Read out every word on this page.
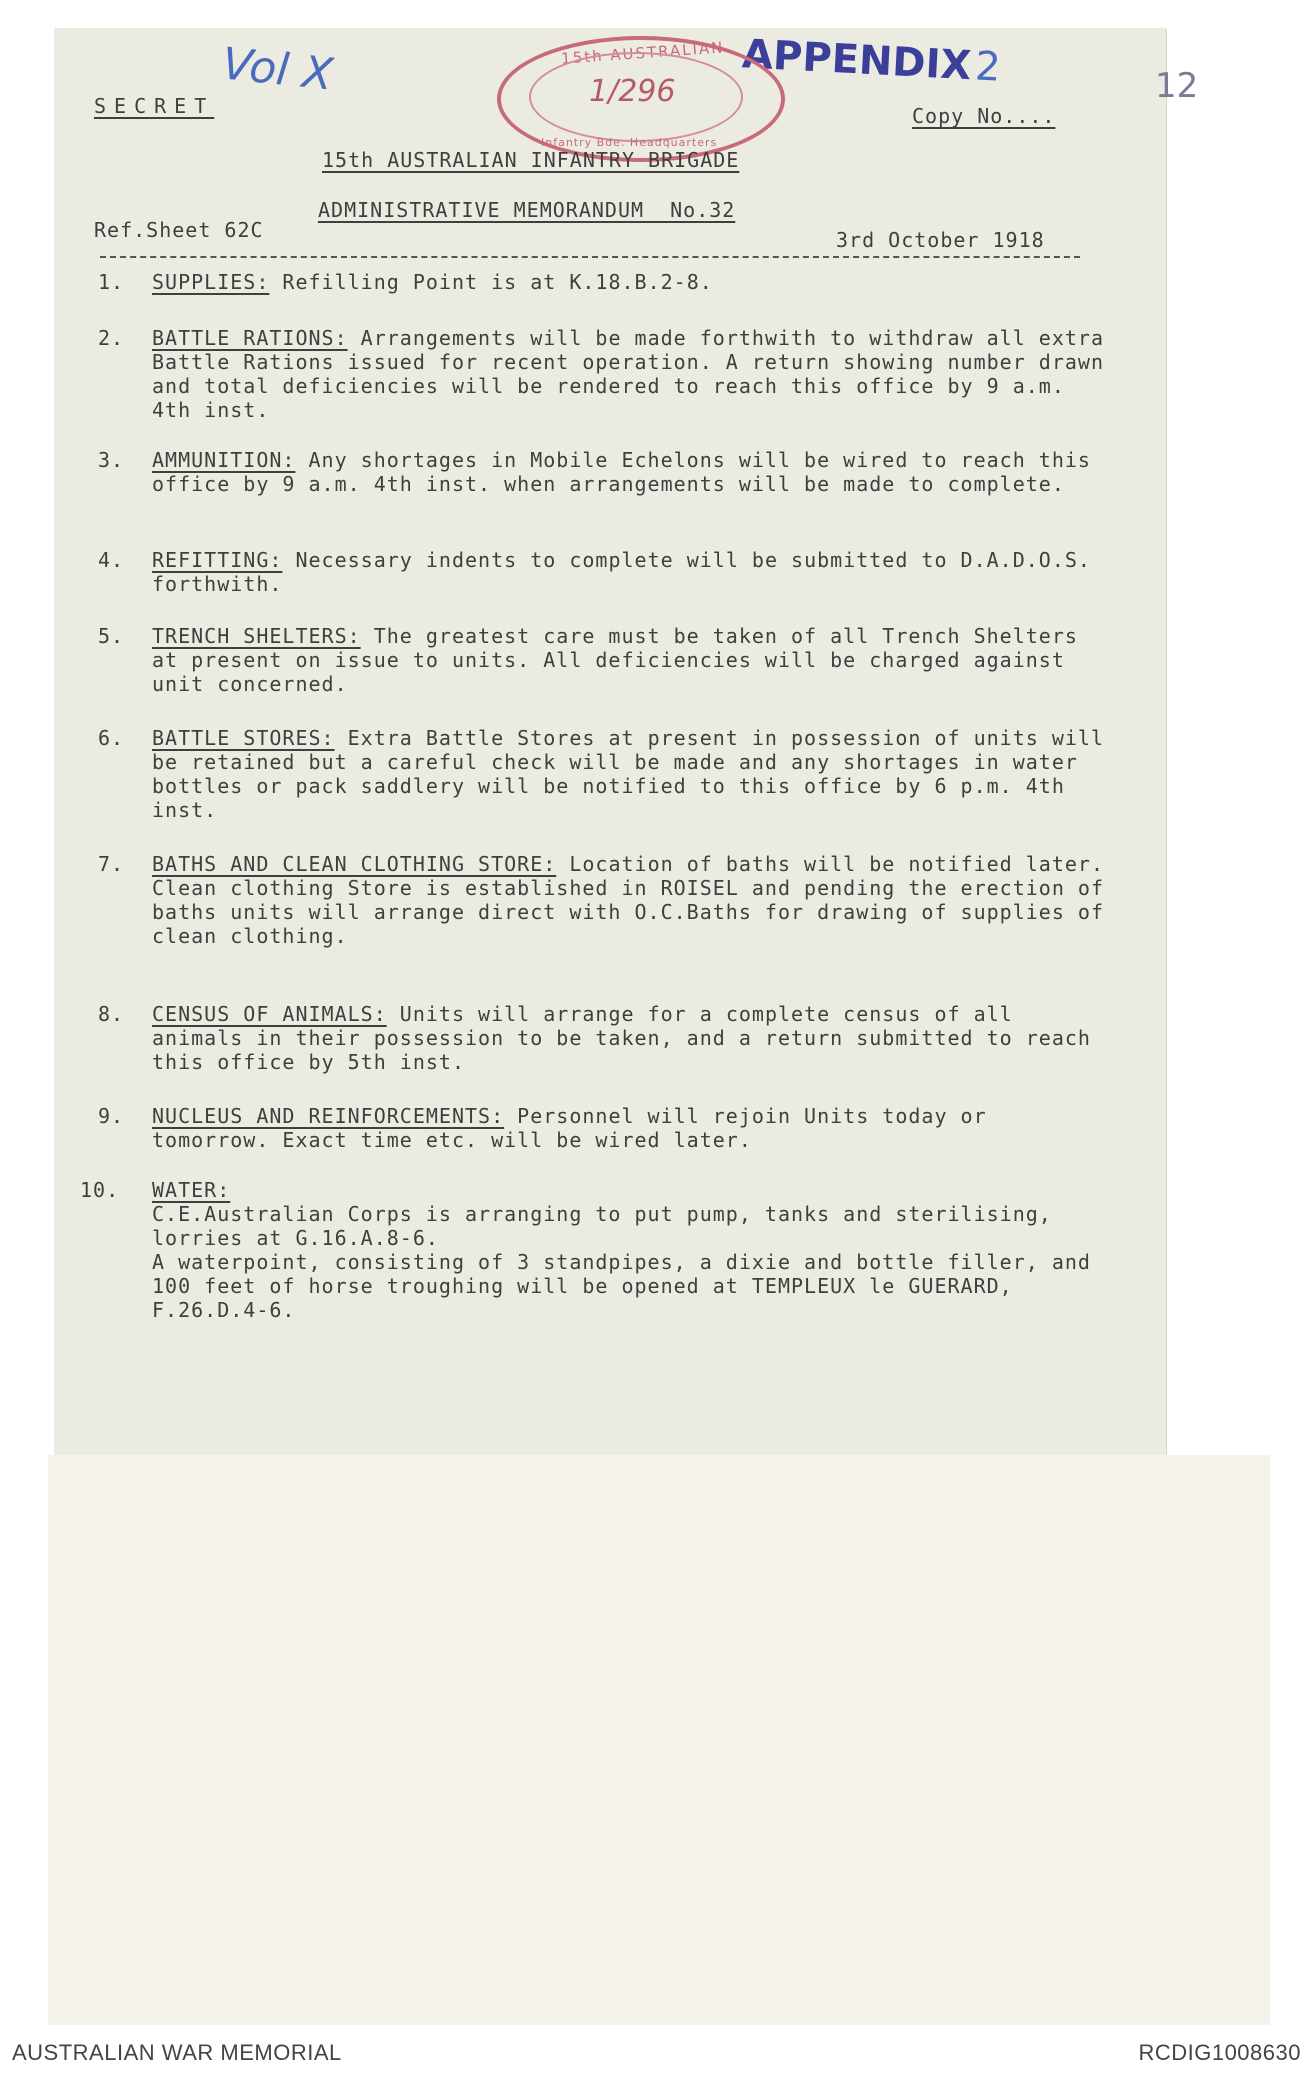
Vol X	APPENDIX2	12
15th AUSTRALIAN
1/296
Infantry Bde. Headquarters
SECRET	Copy No....
15th AUSTRALIAN INFANTRY BRIGADE
ADMINISTRATIVE MEMORANDUM  No.32
Ref.Sheet 62C	3rd October 1918
1. SUPPLIES: Refilling Point is at K.18.B.2-8.
2. BATTLE RATIONS: Arrangements will be made forthwith to withdraw all extra Battle Rations issued for recent operation. A return showing number drawn and total deficiencies will be rendered to reach this office by 9 a.m. 4th inst.
3. AMMUNITION: Any shortages in Mobile Echelons will be wired to reach this office by 9 a.m. 4th inst. when arrangements will be made to complete.
4. REFITTING: Necessary indents to complete will be submitted to D.A.D.O.S. forthwith.
5. TRENCH SHELTERS: The greatest care must be taken of all Trench Shelters at present on issue to units. All deficiencies will be charged against unit concerned.
6. BATTLE STORES: Extra Battle Stores at present in possession of units will be retained but a careful check will be made and any shortages in water bottles or pack saddlery will be notified to this office by 6 p.m. 4th inst.
7. BATHS AND CLEAN CLOTHING STORE: Location of baths will be notified later.
Clean clothing Store is established in ROISEL and pending the erection of baths units will arrange direct with O.C.Baths for drawing of supplies of clean clothing.
8. CENSUS OF ANIMALS: Units will arrange for a complete census of all animals in their possession to be taken, and a return submitted to reach this office by 5th inst.
9. NUCLEUS AND REINFORCEMENTS: Personnel will rejoin Units today or tomorrow. Exact time etc. will be wired later.
10. WATER:
C.E.Australian Corps is arranging to put pump, tanks and sterilising, lorries at G.16.A.8-6.
A waterpoint, consisting of 3 standpipes, a dixie and bottle filler, and 100 feet of horse troughing will be opened at TEMPLEUX le GUERARD, F.26.D.4-6.
AUSTRALIAN WAR MEMORIAL	RCDIG1008630
